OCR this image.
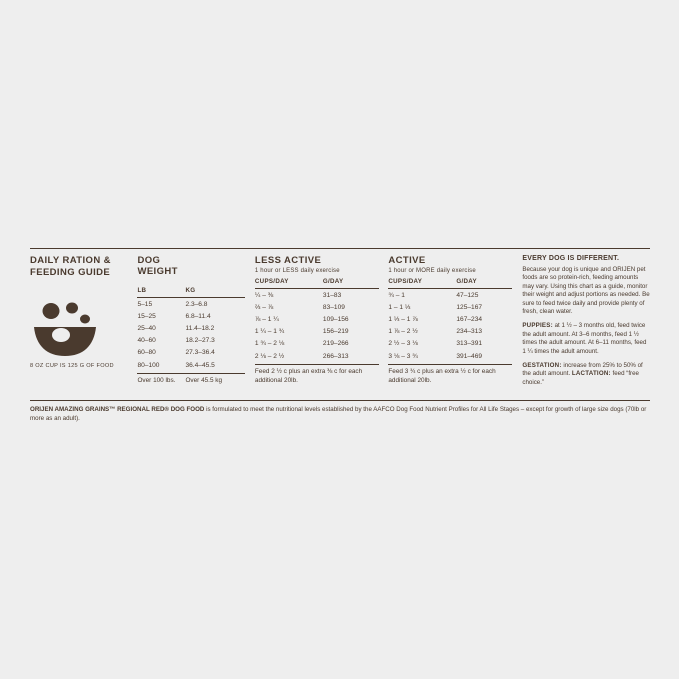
DAILY RATION &
FEEDING GUIDE
8 OZ CUP IS 125 G OF FOOD
DOG
WEIGHT
LB	KG
5–15	2.3–6.8
15–25	6.8–11.4
25–40	11.4–18.2
40–60	18.2–27.3
60–80	27.3–36.4
80–100	36.4–45.5
Over 100 lbs.	Over 45.5 kg
LESS ACTIVE
1 hour or LESS daily exercise
CUPS/DAY	G/DAY
¼ – ⅜	31–83
⅔ – ⅞	83–109
⅞ – 1 ¼	109–156
1 ¼ – 1 ¾	156–219
1 ¾ – 2 ⅛	219–266
2 ⅛ – 2 ½	266–313
Feed 2 ½ c plus an extra ⅜ c for each additional 20lb.
ACTIVE
1 hour or MORE daily exercise
CUPS/DAY	G/DAY
¾ – 1	47–125
1 – 1 ⅓	125–167
1 ⅓ – 1 ⅞	167–234
1 ⅞ – 2 ½	234–313
2 ½ – 3 ⅛	313–391
3 ⅛ – 3 ¾	391–469
Feed 3 ¾ c plus an extra ½ c for each additional 20lb.
EVERY DOG IS DIFFERENT.

Because your dog is unique and ORIJEN pet foods are so protein-rich, feeding amounts may vary. Using this chart as a guide, monitor their weight and adjust portions as needed. Be sure to feed twice daily and provide plenty of fresh, clean water.

PUPPIES: at 1 ½ – 3 months old, feed twice the adult amount. At 3–6 months, feed 1 ½ times the adult amount. At 6–11 months, feed 1 ¼ times the adult amount.

GESTATION: increase from 25% to 50% of the adult amount. LACTATION: feed “free choice.”

ORIJEN AMAZING GRAINS™ REGIONAL RED® DOG FOOD is formulated to meet the nutritional levels established by the AAFCO Dog Food Nutrient Profiles for All Life Stages – except for growth of large size dogs (70lb or more as an adult).
